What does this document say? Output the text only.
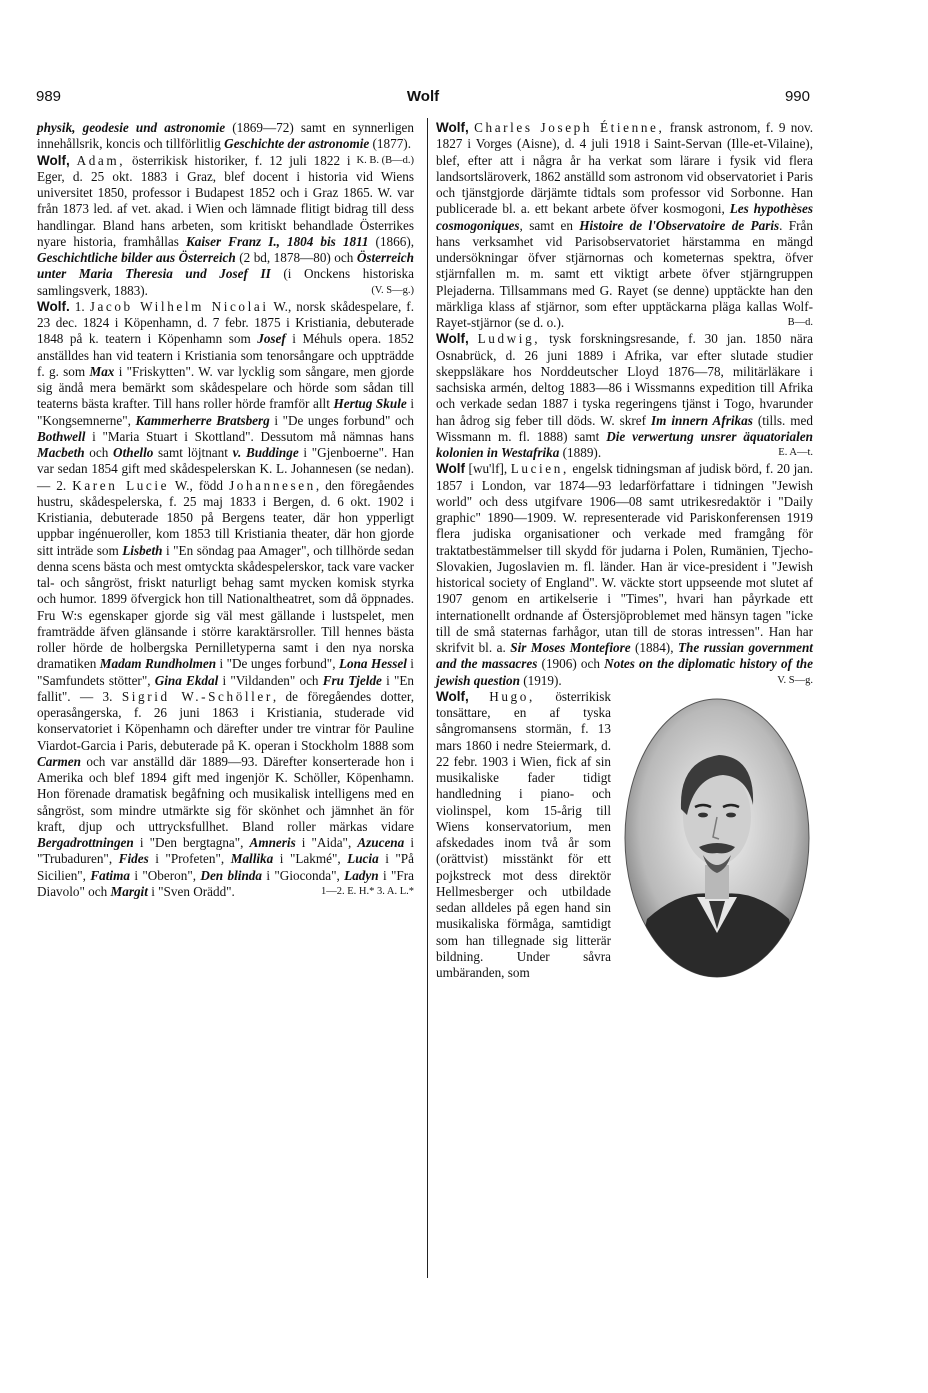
989	Wolf	990

physik, geodesie und astronomie (1869—72) samt en synnerligen innehållsrik, koncis och tillförlitlig Geschichte der astronomie (1877).
K. B. (B—d.)

Wolf, Adam, österrikisk historiker, f. 12 juli 1822 i Eger, d. 25 okt. 1883 i Graz, blef docent i historia vid Wiens universitet 1850, professor i Budapest 1852 och i Graz 1865. W. var från 1873 led. af vet. akad. i Wien och lämnade flitigt bidrag till dess handlingar. Bland hans arbeten, som kritiskt behandlade Österrikes nyare historia, framhållas Kaiser Franz I., 1804 bis 1811 (1866), Geschichtliche bilder aus Österreich (2 bd, 1878—80) och Österreich unter Maria Theresia und Josef II (i Onckens historiska samlingsverk, 1883).	(V. S—g.)

Wolf. 1. Jacob Wilhelm Nicolai W., norsk skådespelare, f. 23 dec. 1824 i Köpenhamn, d. 7 febr. 1875 i Kristiania, debuterade 1848 på k. teatern i Köpenhamn som Josef i Méhuls opera. 1852 anställdes han vid teatern i Kristiania som tenorsångare och uppträdde f. g. som Max i "Friskytten". W. var lycklig som sångare, men gjorde sig ändå mera bemärkt som skådespelare och hörde som sådan till teaterns bästa krafter. Till hans roller hörde framför allt Hertug Skule i "Kongsemnerne", Kammerherre Bratsberg i "De unges forbund" och Bothwell i "Maria Stuart i Skottland". Dessutom må nämnas hans Macbeth och Othello samt löjtnant v. Buddinge i "Gjenboerne". Han var sedan 1854 gift med skådespelerskan K. L. Johannesen (se nedan). — 2. Karen Lucie W., född Johannesen, den föregåendes hustru, skådespelerska, f. 25 maj 1833 i Bergen, d. 6 okt. 1902 i Kristiania, debuterade 1850 på Bergens teater, där hon ypperligt uppbar ingénueroller, kom 1853 till Kristiania theater, där hon gjorde sitt inträde som Lisbeth i "En söndag paa Amager", och tillhörde sedan denna scens bästa och mest omtyckta skådespelerskor, tack vare vacker tal- och sångröst, friskt naturligt behag samt mycken komisk styrka och humor. 1899 öfvergick hon till Nationaltheatret, som då öppnades. Fru W:s egenskaper gjorde sig väl mest gällande i lustspelet, men framträdde äfven glänsande i större karaktärsroller. Till hennes bästa roller hörde de holbergska Pernilletyperna samt i den nya norska dramatiken Madam Rundholmen i "De unges forbund", Lona Hessel i "Samfundets stötter", Gina Ekdal i "Vildanden" och Fru Tjelde i "En fallit". — 3. Sigrid W.-Schöller, de föregåendes dotter, operasångerska, f. 26 juni 1863 i Kristiania, studerade vid konservatoriet i Köpenhamn och därefter under tre vintrar för Pauline Viardot-Garcia i Paris, debuterade på K. operan i Stockholm 1888 som Carmen och var anställd där 1889—93. Därefter konserterade hon i Amerika och blef 1894 gift med ingenjör K. Schöller, Köpenhamn. Hon förenade dramatisk begåfning och musikalisk intelligens med en sångröst, som mindre utmärkte sig för skönhet och jämnhet än för kraft, djup och uttrycksfullhet. Bland roller märkas vidare Bergadrottningen i "Den bergtagna", Amneris i "Aida", Azucena i "Trubaduren", Fides i "Profeten", Mallika i "Lakmé", Lucia i "På Sicilien", Fatima i "Oberon", Den blinda i "Gioconda", Ladyn i "Fra Diavolo" och Margit i "Sven Orädd".	1—2. E. H.* 3. A. L.*

Wolf, Charles Joseph Étienne, fransk astronom, f. 9 nov. 1827 i Vorges (Aisne), d. 4 juli 1918 i Saint-Servan (Ille-et-Vilaine), blef, efter att i några år ha verkat som lärare i fysik vid flera landsortsläroverk, 1862 anställd som astronom vid observatoriet i Paris och tjänstgjorde därjämte tidtals som professor vid Sorbonne. Han publicerade bl. a. ett bekant arbete öfver kosmogoni, Les hypothèses cosmogoniques, samt en Histoire de l'Observatoire de Paris. Från hans verksamhet vid Parisobservatoriet härstamma en mängd undersökningar öfver stjärnornas och kometernas spektra, öfver stjärnfallen m. m. samt ett viktigt arbete öfver stjärngruppen Plejaderna. Tillsammans med G. Rayet (se denne) upptäckte han den märkliga klass af stjärnor, som efter upptäckarna pläga kallas Wolf-Rayet-stjärnor (se d. o.).	B—d.

Wolf, Ludwig, tysk forskningsresande, f. 30 jan. 1850 nära Osnabrück, d. 26 juni 1889 i Afrika, var efter slutade studier skeppsläkare hos Norddeutscher Lloyd 1876—78, militärläkare i sachsiska armén, deltog 1883—86 i Wissmanns expedition till Afrika och verkade sedan 1887 i tyska regeringens tjänst i Togo, hvarunder han ådrog sig feber till döds. W. skref Im innern Afrikas (tills. med Wissmann m. fl. 1888) samt Die verwertung unsrer äquatorialen kolonien in Westafrika (1889).	E. A—t.

Wolf [wu'lf], Lucien, engelsk tidningsman af judisk börd, f. 20 jan. 1857 i London, var 1874—93 ledarförfattare i tidningen "Jewish world" och dess utgifvare 1906—08 samt utrikesredaktör i "Daily graphic" 1890—1909. W. representerade vid Pariskonferensen 1919 flera judiska organisationer och verkade med framgång för traktatbestämmelser till skydd för judarna i Polen, Rumänien, Tjecho-Slovakien, Jugoslavien m. fl. länder. Han är vice-president i "Jewish historical society of England". W. väckte stort uppseende mot slutet af 1907 genom en artikelserie i "Times", hvari han påyrkade ett internationellt ordnande af Östersjöproblemet med hänsyn tagen "icke till de små staternas farhågor, utan till de storas intressen". Han har skrifvit bl. a. Sir Moses Montefiore (1884), The russian government and the massacres (1906) och Notes on the diplomatic history of the jewish question (1919).	V. S—g.

Wolf, Hugo,
österrikisk tonsättare, en af tyska sångromansens stormän, f. 13 mars 1860 i nedre Steiermark, d. 22 febr. 1903 i Wien, fick af sin musikaliske fader tidigt handledning i piano- och violinspel, kom 15-årig till Wiens konservatorium, men afskedades inom två år som (orättvist) misstänkt för ett pojkstreck mot dess direktör Hellmesberger och utbildade sedan alldeles på egen hand sin musikaliska förmåga, samtidigt som han tillegnade sig litterär bildning. Under såvra umbäranden, som
